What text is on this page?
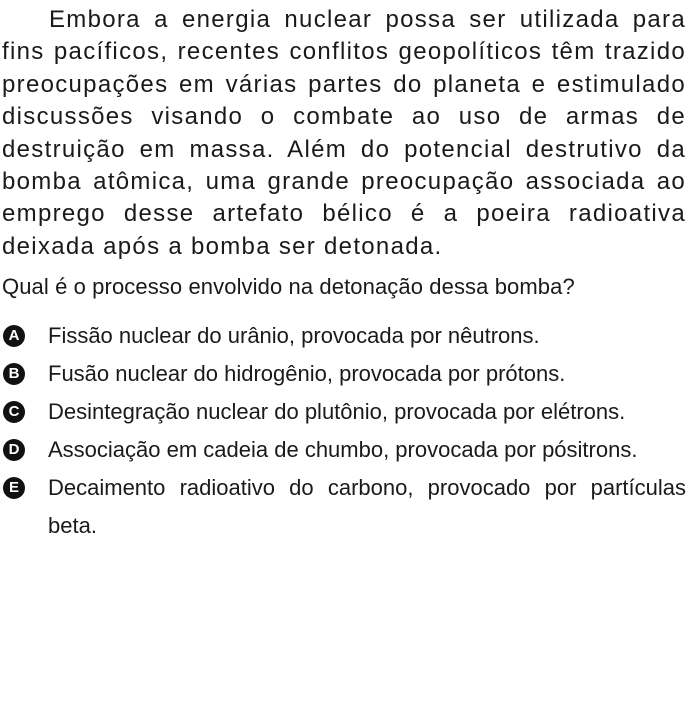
Embora a energia nuclear possa ser utilizada para fins pacíficos, recentes conflitos geopolíticos têm trazido preocupações em várias partes do planeta e estimulado discussões visando o combate ao uso de armas de destruição em massa. Além do potencial destrutivo da bomba atômica, uma grande preocupação associada ao emprego desse artefato bélico é a poeira radioativa deixada após a bomba ser detonada.

Qual é o processo envolvido na detonação dessa bomba?

A Fissão nuclear do urânio, provocada por nêutrons.
B Fusão nuclear do hidrogênio, provocada por prótons.
C Desintegração nuclear do plutônio, provocada por elétrons.
D Associação em cadeia de chumbo, provocada por pósitrons.
E Decaimento radioativo do carbono, provocado por partículas beta.
